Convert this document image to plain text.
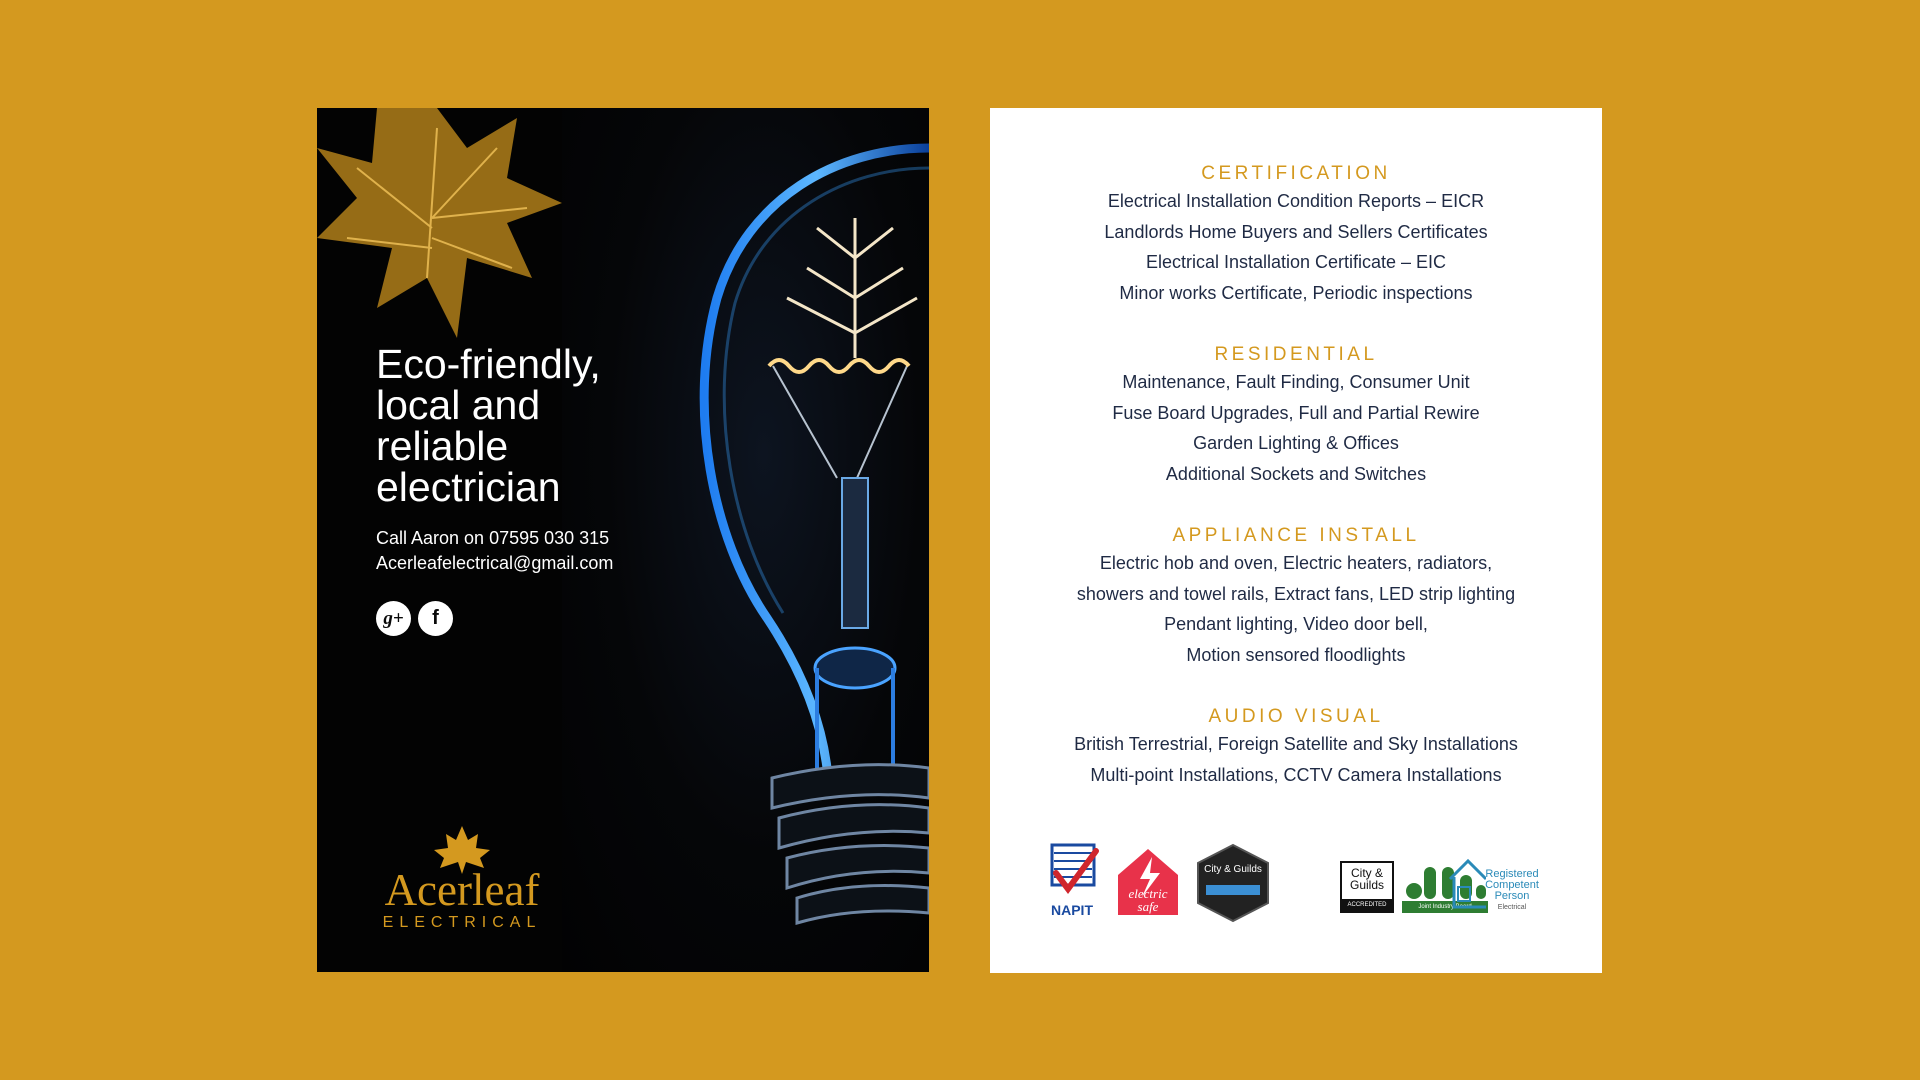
Eco-friendly,
local and
reliable
electrician
Call Aaron on 07595 030 315
Acerleafelectrical@gmail.com
g+	f
Acerleaf
ELECTRICAL
CERTIFICATION
Electrical Installation Condition Reports – EICR
Landlords Home Buyers and Sellers Certificates
Electrical Installation Certificate – EIC
Minor works Certificate, Periodic inspections
RESIDENTIAL
Maintenance, Fault Finding, Consumer Unit
Fuse Board Upgrades, Full and Partial Rewire
Garden Lighting & Offices
Additional Sockets and Switches
APPLIANCE INSTALL
Electric hob and oven, Electric heaters, radiators,
showers and towel rails, Extract fans, LED strip lighting
Pendant lighting, Video door bell,
Motion sensored floodlights
AUDIO VISUAL
British Terrestrial, Foreign Satellite and Sky Installations
Multi-point Installations, CCTV Camera Installations
NAPIT
electric safe
City & Guilds	City & Guilds
ACCREDITED	Joint Industry Board
Registered
Competent
Person
Electrical
